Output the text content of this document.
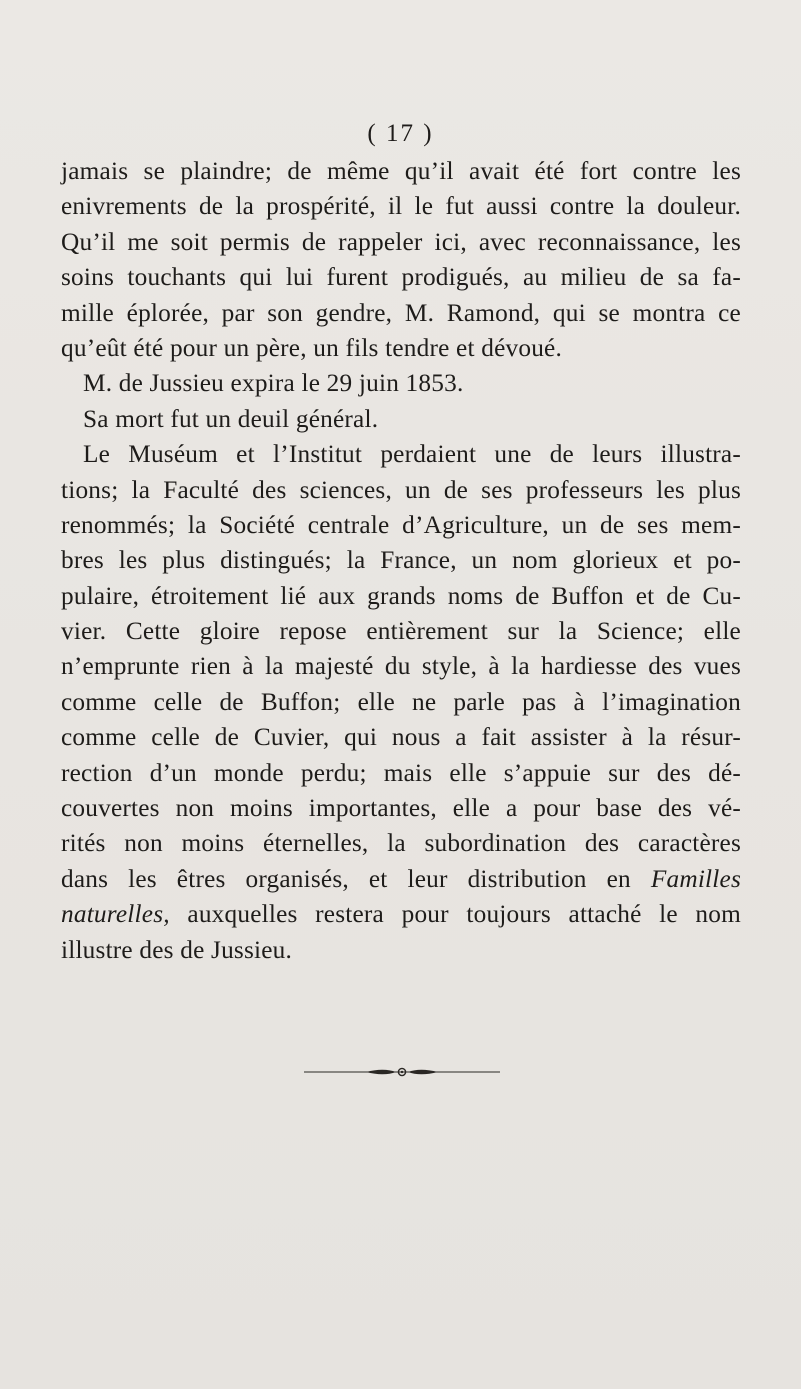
( 17 )
jamais se plaindre; de même qu’il avait été fort contre les
enivrements de la prospérité, il le fut aussi contre la douleur.
Qu’il me soit permis de rappeler ici, avec reconnaissance, les
soins touchants qui lui furent prodigués, au milieu de sa fa-
mille éplorée, par son gendre, M. Ramond, qui se montra ce
qu’eût été pour un père, un fils tendre et dévoué.
M. de Jussieu expira le 29 juin 1853.
Sa mort fut un deuil général.
Le Muséum et l’Institut perdaient une de leurs illustra-
tions; la Faculté des sciences, un de ses professeurs les plus
renommés; la Société centrale d’Agriculture, un de ses mem-
bres les plus distingués; la France, un nom glorieux et po-
pulaire, étroitement lié aux grands noms de Buffon et de Cu-
vier. Cette gloire repose entièrement sur la Science; elle
n’emprunte rien à la majesté du style, à la hardiesse des vues
comme celle de Buffon; elle ne parle pas à l’imagination
comme celle de Cuvier, qui nous a fait assister à la résur-
rection d’un monde perdu; mais elle s’appuie sur des dé-
couvertes non moins importantes, elle a pour base des vé-
rités non moins éternelles, la subordination des caractères
dans les êtres organisés, et leur distribution en Familles
naturelles, auxquelles restera pour toujours attaché le nom
illustre des de Jussieu.
